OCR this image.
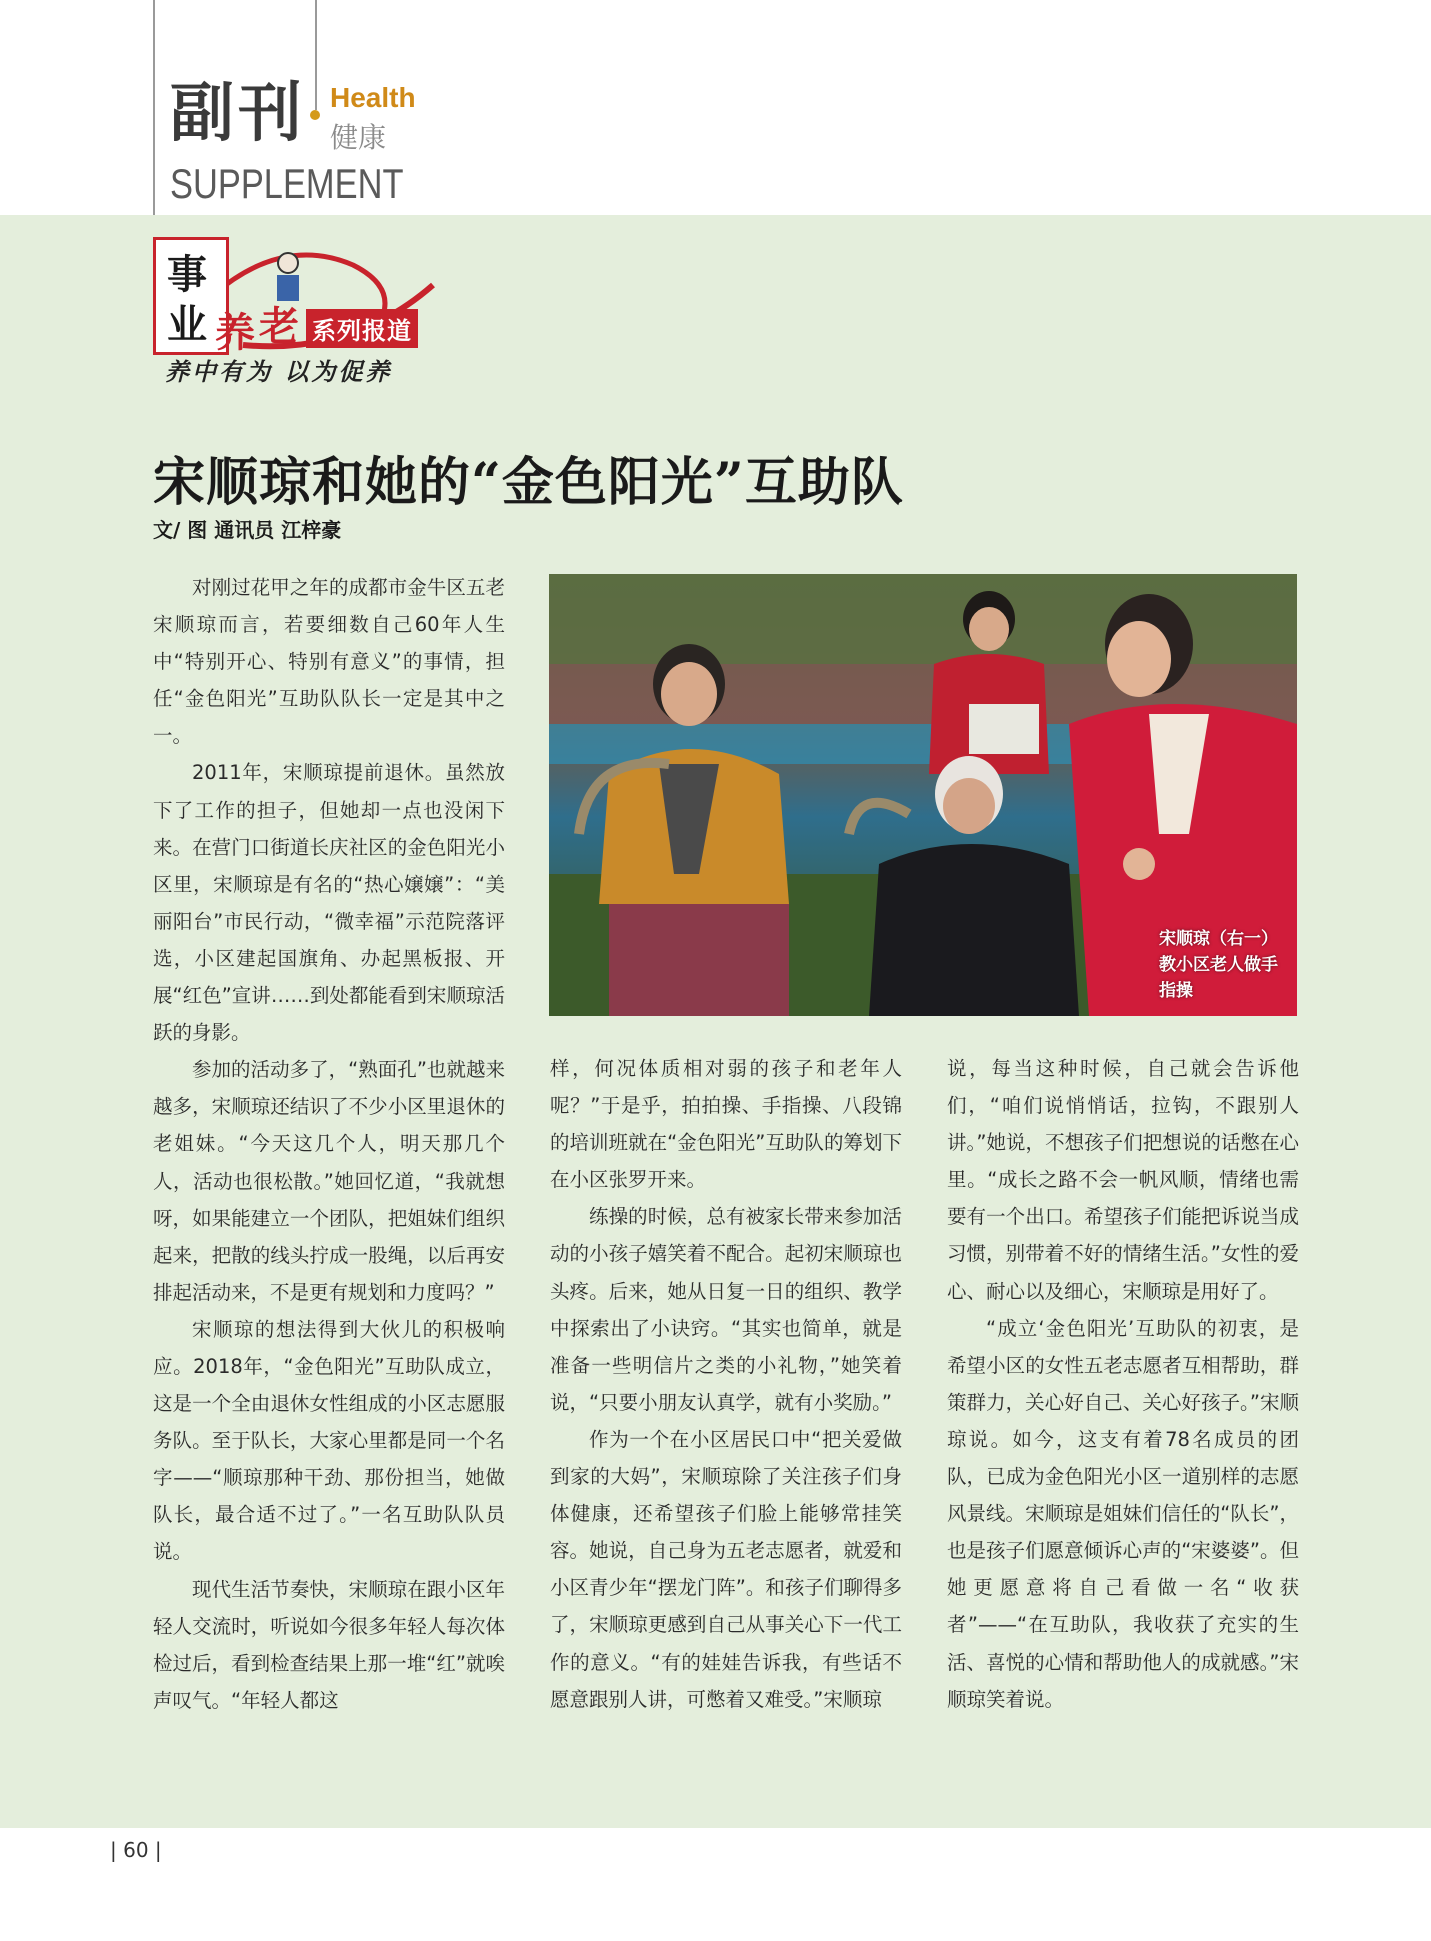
副刊 Health
健康
SUPPLEMENT
事
业 养 老 系列报道
养中有为 以为促养
宋顺琼和她的“金色阳光”互助队
文/ 图 通讯员 江梓豪

对刚过花甲之年的成都市金牛区五老宋顺琼而言，若要细数自己60年人生中“特别开心、特别有意义”的事情，担任“金色阳光”互助队队长一定是其中之一。

2011年，宋顺琼提前退休。虽然放下了工作的担子，但她却一点也没闲下来。在营门口街道长庆社区的金色阳光小区里，宋顺琼是有名的“热心嬢嬢”：“美丽阳台”市民行动，“微幸福”示范院落评选，小区建起国旗角、办起黑板报、开展“红色”宣讲……到处都能看到宋顺琼活跃的身影。

参加的活动多了，“熟面孔”也就越来越多，宋顺琼还结识了不少小区里退休的老姐妹。“今天这几个人，明天那几个人，活动也很松散。”她回忆道，“我就想呀，如果能建立一个团队，把姐妹们组织起来，把散的线头拧成一股绳，以后再安排起活动来，不是更有规划和力度吗？”

宋顺琼的想法得到大伙儿的积极响应。2018年，“金色阳光”互助队成立，这是一个全由退休女性组成的小区志愿服务队。至于队长，大家心里都是同一个名字——“顺琼那种干劲、那份担当，她做队长，最合适不过了。”一名互助队队员说。

现代生活节奏快，宋顺琼在跟小区年轻人交流时，听说如今很多年轻人每次体检过后，看到检查结果上那一堆“红”就唉声叹气。“年轻人都这

宋顺琼（右一）教小区老人做手指操

样，何况体质相对弱的孩子和老年人呢？”于是乎，拍拍操、手指操、八段锦的培训班就在“金色阳光”互助队的筹划下在小区张罗开来。

练操的时候，总有被家长带来参加活动的小孩子嬉笑着不配合。起初宋顺琼也头疼。后来，她从日复一日的组织、教学中探索出了小诀窍。“其实也简单，就是准备一些明信片之类的小礼物，”她笑着说，“只要小朋友认真学，就有小奖励。”

作为一个在小区居民口中“把关爱做到家的大妈”，宋顺琼除了关注孩子们身体健康，还希望孩子们脸上能够常挂笑容。她说，自己身为五老志愿者，就爱和小区青少年“摆龙门阵”。和孩子们聊得多了，宋顺琼更感到自己从事关心下一代工作的意义。“有的娃娃告诉我，有些话不愿意跟别人讲，可憋着又难受。”宋顺琼

说，每当这种时候，自己就会告诉他们，“咱们说悄悄话，拉钩，不跟别人讲。”她说，不想孩子们把想说的话憋在心里。“成长之路不会一帆风顺，情绪也需要有一个出口。希望孩子们能把诉说当成习惯，别带着不好的情绪生活。”女性的爱心、耐心以及细心，宋顺琼是用好了。

“成立‘金色阳光’互助队的初衷，是希望小区的女性五老志愿者互相帮助，群策群力，关心好自己、关心好孩子。”宋顺琼说。如今，这支有着78名成员的团队，已成为金色阳光小区一道别样的志愿风景线。宋顺琼是姐妹们信任的“队长”，也是孩子们愿意倾诉心声的“宋婆婆”。但她更愿意将自己看做一名“收获者”——“在互助队，我收获了充实的生活、喜悦的心情和帮助他人的成就感。”宋顺琼笑着说。

| 60 |
